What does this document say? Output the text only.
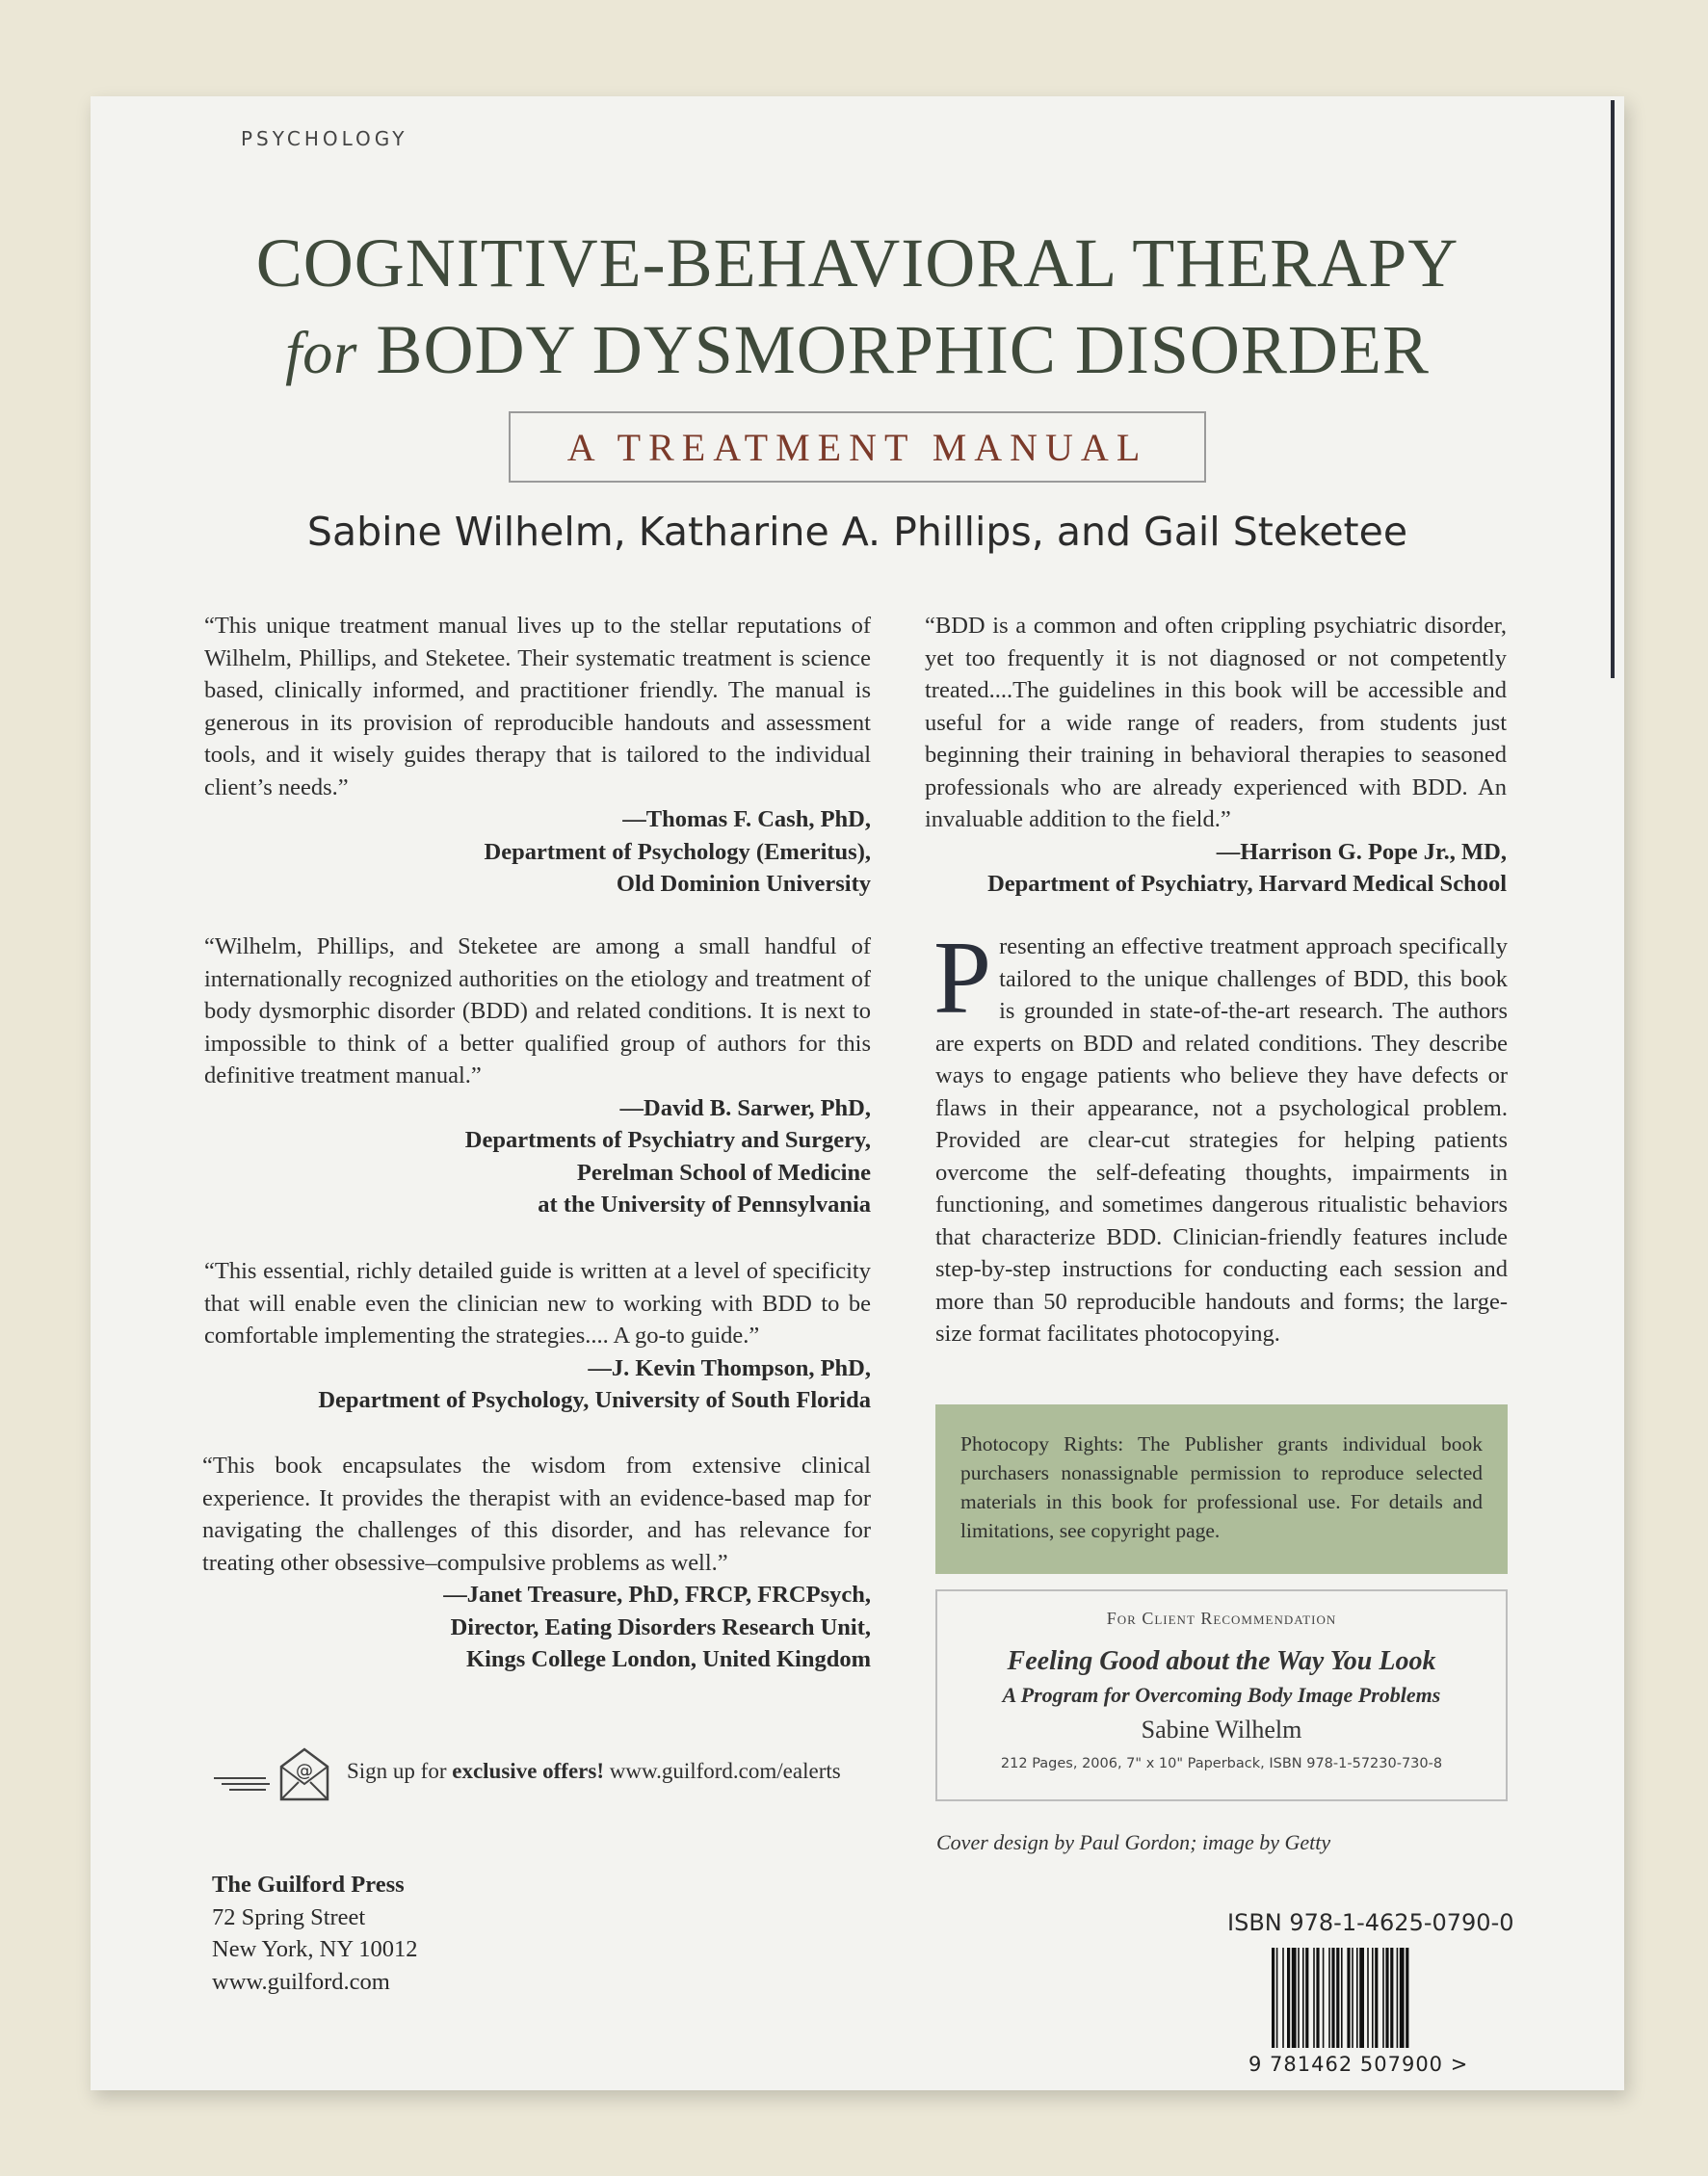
PSYCHOLOGY
COGNITIVE-BEHAVIORAL THERAPY
for BODY DYSMORPHIC DISORDER
A TREATMENT MANUAL
Sabine Wilhelm, Katharine A. Phillips, and Gail Steketee
“This unique treatment manual lives up to the stellar reputations of Wilhelm, Phillips, and Steketee. Their systematic treatment is science based, clinically informed, and practitioner friendly. The manual is generous in its provision of reproducible handouts and assessment tools, and it wisely guides therapy that is tailored to the individual client’s needs.”
—Thomas F. Cash, PhD,
Department of Psychology (Emeritus),
Old Dominion University
“Wilhelm, Phillips, and Steketee are among a small handful of internationally recognized authorities on the etiology and treatment of body dysmorphic disorder (BDD) and related conditions. It is next to impossible to think of a better qualified group of authors for this definitive treatment manual.”
—David B. Sarwer, PhD,
Departments of Psychiatry and Surgery,
Perelman School of Medicine
at the University of Pennsylvania
“This essential, richly detailed guide is written at a level of specificity that will enable even the clinician new to working with BDD to be comfortable implementing the strategies.... A go-to guide.”
—J. Kevin Thompson, PhD,
Department of Psychology, University of South Florida
“This book encapsulates the wisdom from extensive clinical experience. It provides the therapist with an evidence-based map for navigating the challenges of this disorder, and has relevance for treating other obsessive–compulsive problems as well.”
—Janet Treasure, PhD, FRCP, FRCPsych,
Director, Eating Disorders Research Unit,
Kings College London, United Kingdom
“BDD is a common and often crippling psychiatric disorder, yet too frequently it is not diagnosed or not competently treated....The guidelines in this book will be accessible and useful for a wide range of readers, from students just beginning their training in behavioral therapies to seasoned professionals who are already experienced with BDD. An invaluable addition to the field.”
—Harrison G. Pope Jr., MD,
Department of Psychiatry, Harvard Medical School
Presenting an effective treatment approach specifically tailored to the unique challenges of BDD, this book is grounded in state-of-the-art research. The authors are experts on BDD and related conditions. They describe ways to engage patients who believe they have defects or flaws in their appearance, not a psychological problem. Provided are clear-cut strategies for helping patients overcome the self-defeating thoughts, impairments in functioning, and sometimes dangerous ritualistic behaviors that characterize BDD. Clinician-friendly features include step-by-step instructions for conducting each session and more than 50 reproducible handouts and forms; the large-size format facilitates photocopying.
Photocopy Rights: The Publisher grants individual book purchasers nonassignable permission to reproduce selected materials in this book for professional use. For details and limitations, see copyright page.
For Client Recommendation
Feeling Good about the Way You Look
A Program for Overcoming Body Image Problems
Sabine Wilhelm
212 Pages, 2006, 7" x 10" Paperback, ISBN 978-1-57230-730-8
Cover design by Paul Gordon; image by Getty
@ Sign up for exclusive offers! www.guilford.com/ealerts
The Guilford Press
72 Spring Street
New York, NY 10012
www.guilford.com
ISBN 978-1-4625-0790-0
9 781462 507900 >
